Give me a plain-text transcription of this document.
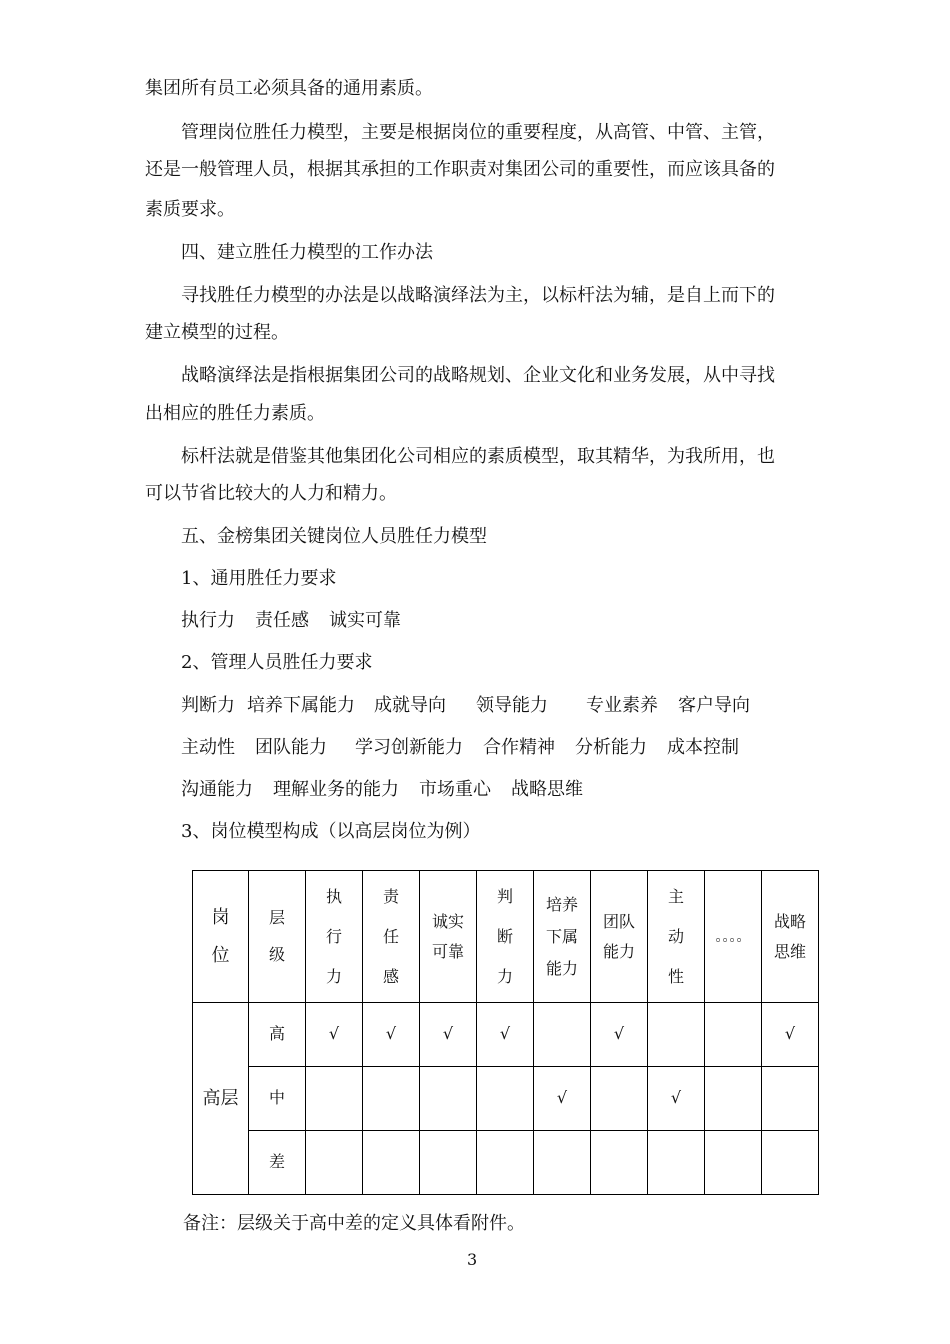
集团所有员工必须具备的通用素质。
管理岗位胜任力模型，主要是根据岗位的重要程度，从高管、中管、主管，
还是一般管理人员，根据其承担的工作职责对集团公司的重要性，而应该具备的
素质要求。
四、建立胜任力模型的工作办法
寻找胜任力模型的办法是以战略演绎法为主，以标杆法为辅，是自上而下的
建立模型的过程。
战略演绎法是指根据集团公司的战略规划、企业文化和业务发展，从中寻找
出相应的胜任力素质。
标杆法就是借鉴其他集团化公司相应的素质模型，取其精华，为我所用，也
可以节省比较大的人力和精力。
五、金榜集团关键岗位人员胜任力模型
1、通用胜任力要求
执行力 责任感 诚实可靠
2、管理人员胜任力要求
判断力 培养下属能力 成就导向 领导能力 专业素养 客户导向
主动性 团队能力 学习创新能力 合作精神 分析能力 成本控制
沟通能力 理解业务的能力 市场重心 战略思维
3、岗位模型构成（以高层岗位为例）
岗位	层级	执行力	责任感	诚实可靠	判断力	培养下属能力	团队能力	主动性	。。。。	战略思维
高层	高	√	√	√	√		√			√
	中					√		√		
	差									
备注：层级关于高中差的定义具体看附件。
3
